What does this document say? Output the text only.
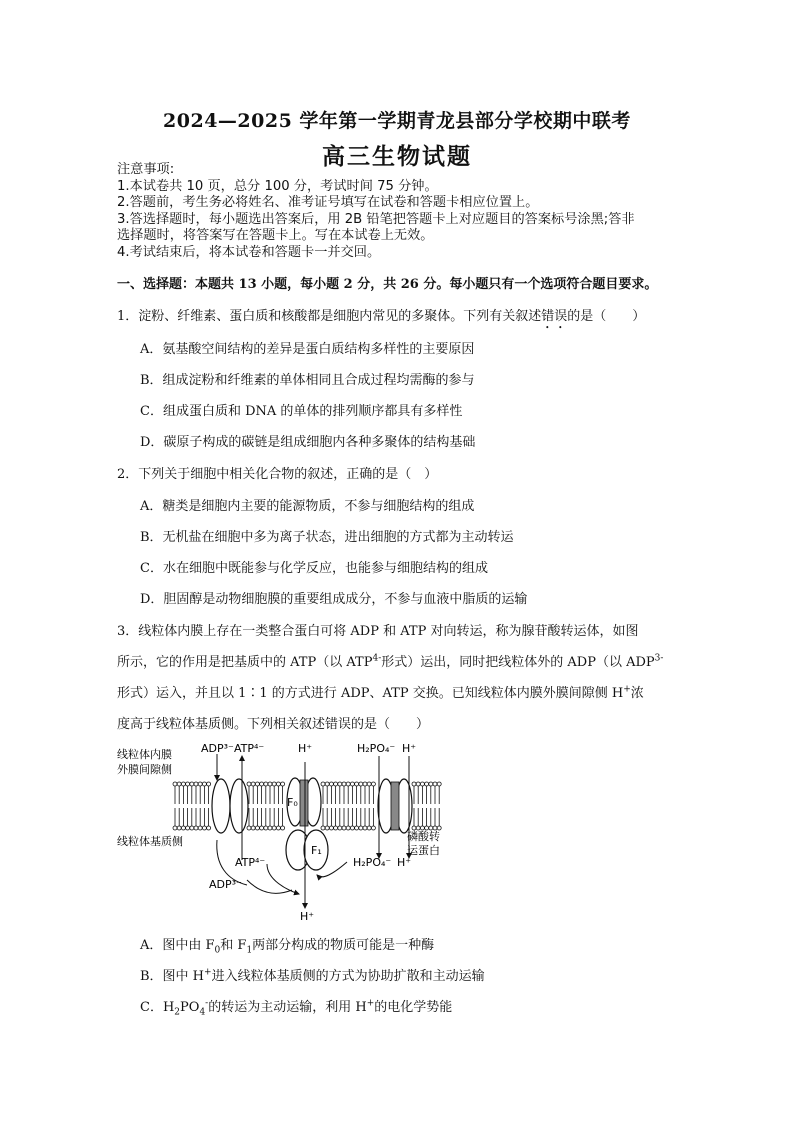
2024—2025 学年第一学期青龙县部分学校期中联考
高三生物试题
注意事项:
1.本试卷共 10 页，总分 100 分，考试时间 75 分钟。
2.答题前，考生务必将姓名、准考证号填写在试卷和答题卡相应位置上。
3.答选择题时，每小题选出答案后，用 2B 铅笔把答题卡上对应题目的答案标号涂黑;答非
选择题时，将答案写在答题卡上。写在本试卷上无效。
4.考试结束后，将本试卷和答题卡一并交回。
一、选择题：本题共 13 小题，每小题 2 分，共 26 分。每小题只有一个选项符合题目要求。
1．淀粉、纤维素、蛋白质和核酸都是细胞内常见的多聚体。下列有关叙述错误的是（　　）
A．氨基酸空间结构的差异是蛋白质结构多样性的主要原因
B．组成淀粉和纤维素的单体相同且合成过程均需酶的参与
C．组成蛋白质和 DNA 的单体的排列顺序都具有多样性
D．碳原子构成的碳链是组成细胞内各种多聚体的结构基础
2．下列关于细胞中相关化合物的叙述，正确的是（　）
A．糖类是细胞内主要的能源物质，不参与细胞结构的组成
B．无机盐在细胞中多为离子状态，进出细胞的方式都为主动转运
C．水在细胞中既能参与化学反应，也能参与细胞结构的组成
D．胆固醇是动物细胞膜的重要组成成分，不参与血液中脂质的运输
3．线粒体内膜上存在一类整合蛋白可将 ADP 和 ATP 对向转运，称为腺苷酸转运体，如图
所示，它的作用是把基质中的 ATP（以 $ATP^{4-}$形式）运出，同时把线粒体外的 ADP（以 $ADP^{3-}$
形式）运入，并且以 1∶1 的方式进行 ADP、ATP 交换。已知线粒体内膜外膜间隙侧 H+浓
度高于线粒体基质侧。下列相关叙述错误的是（　　）
线粒体内膜
外膜间隙侧
线粒体基质侧
ADP³⁻ ATP⁴⁻	H⁺	H₂PO₄⁻ H⁺
F₀
F₁
ATP⁴⁻
ADP³⁻
H₂PO₄⁻ H⁺
H⁺
磷酸转
运蛋白
A．图中由 $F_0$和 $F_1$两部分构成的物质可能是一种酶
B．图中 H+进入线粒体基质侧的方式为协助扩散和主动运输
C．$H_2PO_4^-$的转运为主动运输，利用 H+的电化学势能
